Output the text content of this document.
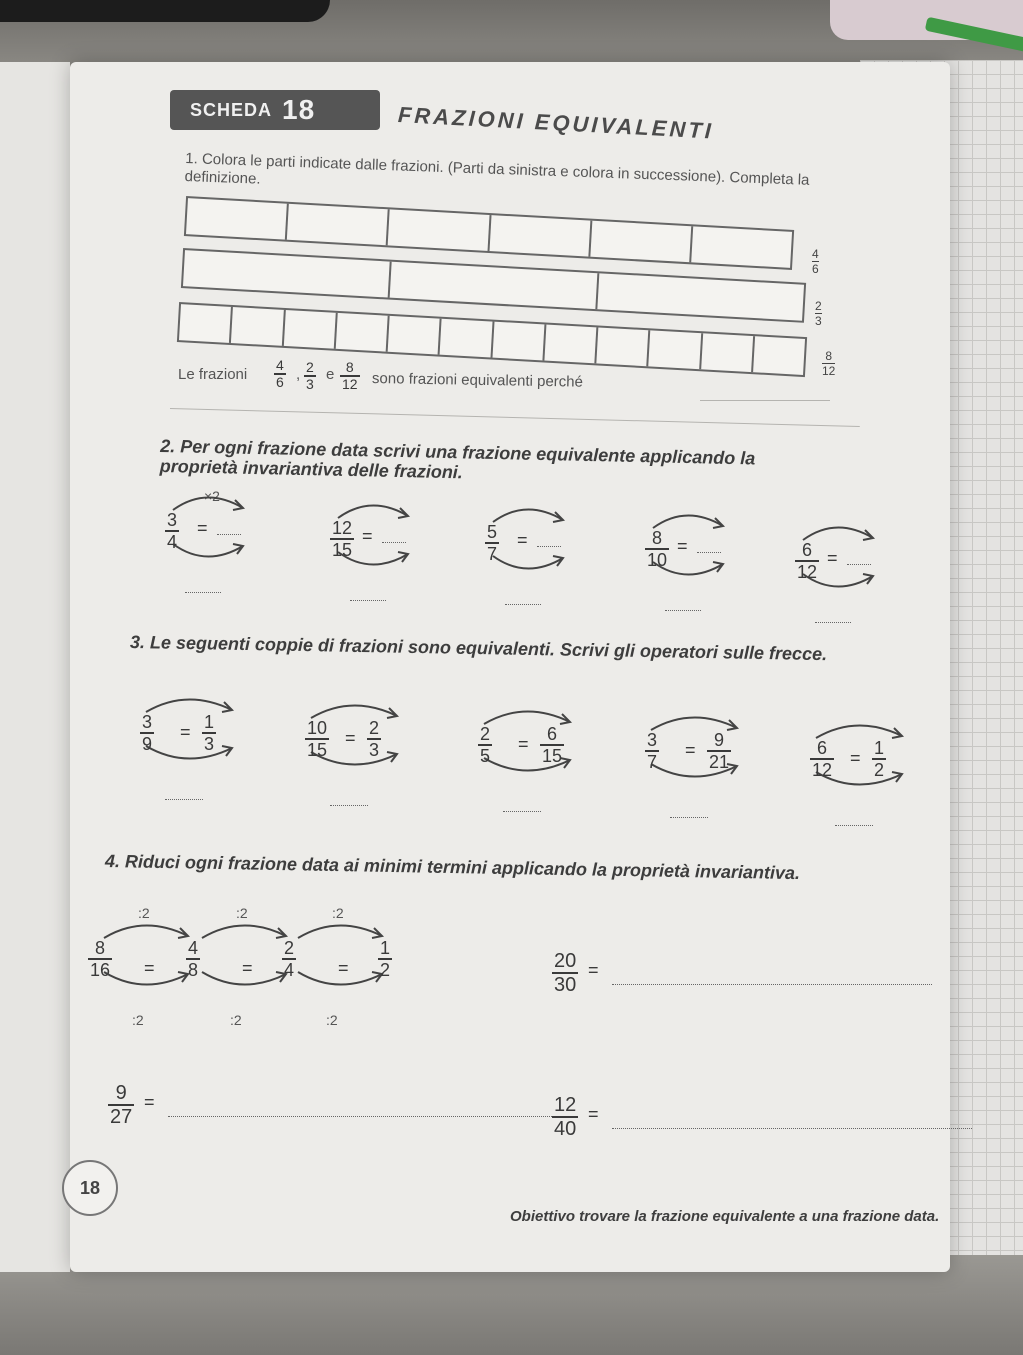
SCHEDA 18	FRAZIONI EQUIVALENTI
1. Colora le parti indicate dalle frazioni. (Parti da sinistra e colora in successione). Completa la definizione.
4
6
2
3
8
12
Le frazioni $\frac{4}{6}$ , $\frac{2}{3}$ e $\frac{8}{12}$ sono frazioni equivalenti perché
2. Per ogni frazione data scrivi una frazione equivalente applicando la proprietà invariantiva delle frazioni.
×2
3. Le seguenti coppie di frazioni sono equivalenti. Scrivi gli operatori sulle frecce.
4. Riduci ogni frazione data ai minimi termini applicando la proprietà invariantiva.
18
Obiettivo trovare la frazione equivalente a una frazione data.
$\frac{3}{4}$ =	$\frac{12}{15}$ =	$\frac{5}{7}$ =	$\frac{8}{10}$ =	$\frac{6}{12}$ =
$\frac{3}{9} = \frac{1}{3}$	$\frac{10}{15} = \frac{2}{3}$	$\frac{2}{5} = \frac{6}{15}$	$\frac{3}{7} = \frac{9}{21}$	$\frac{6}{12} = \frac{1}{2}$
$\frac{8}{16}$ =
:2
:2
$\frac{4}{8}$ =
:2
:2
$\frac{2}{4}$ =
:2
:2
$\frac{1}{2}$	$\frac{20}{30}$ =
$\frac{9}{27}$ =	$\frac{12}{40}$ =
